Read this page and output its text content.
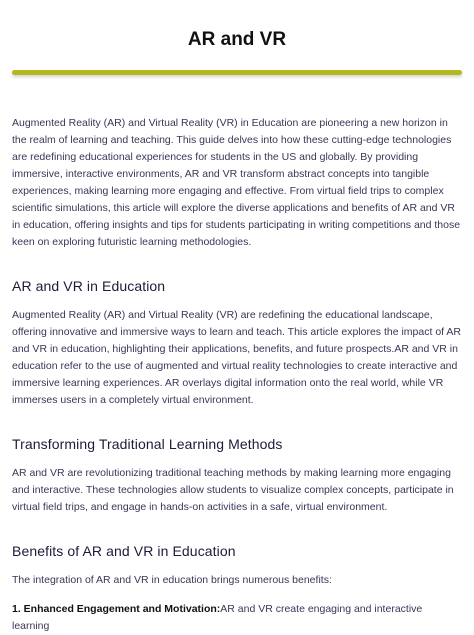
AR and VR

Augmented Reality (AR) and Virtual Reality (VR) in Education are pioneering a new horizon in the realm of learning and teaching. This guide delves into how these cutting-edge technologies are redefining educational experiences for students in the US and globally. By providing immersive, interactive environments, AR and VR transform abstract concepts into tangible experiences, making learning more engaging and effective. From virtual field trips to complex scientific simulations, this article will explore the diverse applications and benefits of AR and VR in education, offering insights and tips for students participating in writing competitions and those keen on exploring futuristic learning methodologies.

AR and VR in Education

Augmented Reality (AR) and Virtual Reality (VR) are redefining the educational landscape, offering innovative and immersive ways to learn and teach. This article explores the impact of AR and VR in education, highlighting their applications, benefits, and future prospects.AR and VR in education refer to the use of augmented and virtual reality technologies to create interactive and immersive learning experiences. AR overlays digital information onto the real world, while VR immerses users in a completely virtual environment.

Transforming Traditional Learning Methods

AR and VR are revolutionizing traditional teaching methods by making learning more engaging and interactive. These technologies allow students to visualize complex concepts, participate in virtual field trips, and engage in hands-on activities in a safe, virtual environment.

Benefits of AR and VR in Education

The integration of AR and VR in education brings numerous benefits:

1. Enhanced Engagement and Motivation:AR and VR create engaging and interactive learning
